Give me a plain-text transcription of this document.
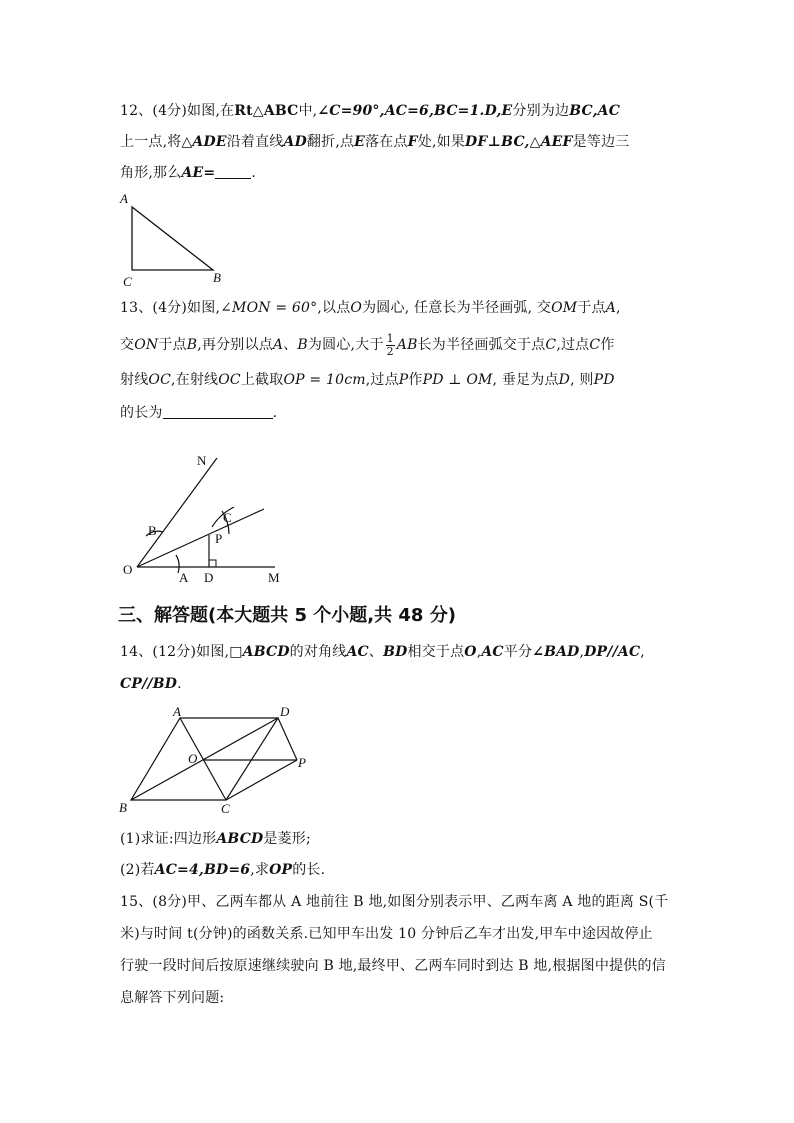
12、(4分)如图,在Rt△ABC中,∠C=90°,AC=6,BC=1.D,E分别为边BC,AC

上一点,将△ADE沿着直线AD翻折,点E落在点F处,如果DF⊥BC,△AEF是等边三

角形,那么AE=	.

A
C	B

13、(4分)如图,∠MON = 60°,以点O为圆心, 任意长为半径画弧, 交OM于点A,

交ON于点B,再分别以点A、B为圆心,大于 $\frac{1}{2}$ AB长为半径画弧交于点C,过点C作

射线OC,在射线OC上截取OP = 10cm,过点P作PD ⊥ OM, 垂足为点D, 则PD

的长为	.

N
B
C
P
O
A D	M
三、解答题(本大题共 5 个小题,共 48 分)

14、(12分)如图,□ABCD的对角线AC、BD相交于点O,AC平分∠BAD,DP//AC,

CP//BD.

A	D
O	P
B	C

(1)求证:四边形ABCD是菱形;

(2)若AC=4,BD=6,求OP的长.

15、(8分)甲、乙两车都从 A 地前往 B 地,如图分别表示甲、乙两车离 A 地的距离 S(千

米)与时间 t(分钟)的函数关系.已知甲车出发 10 分钟后乙车才出发,甲车中途因故停止

行驶一段时间后按原速继续驶向 B 地,最终甲、乙两车同时到达 B 地,根据图中提供的信

息解答下列问题:
